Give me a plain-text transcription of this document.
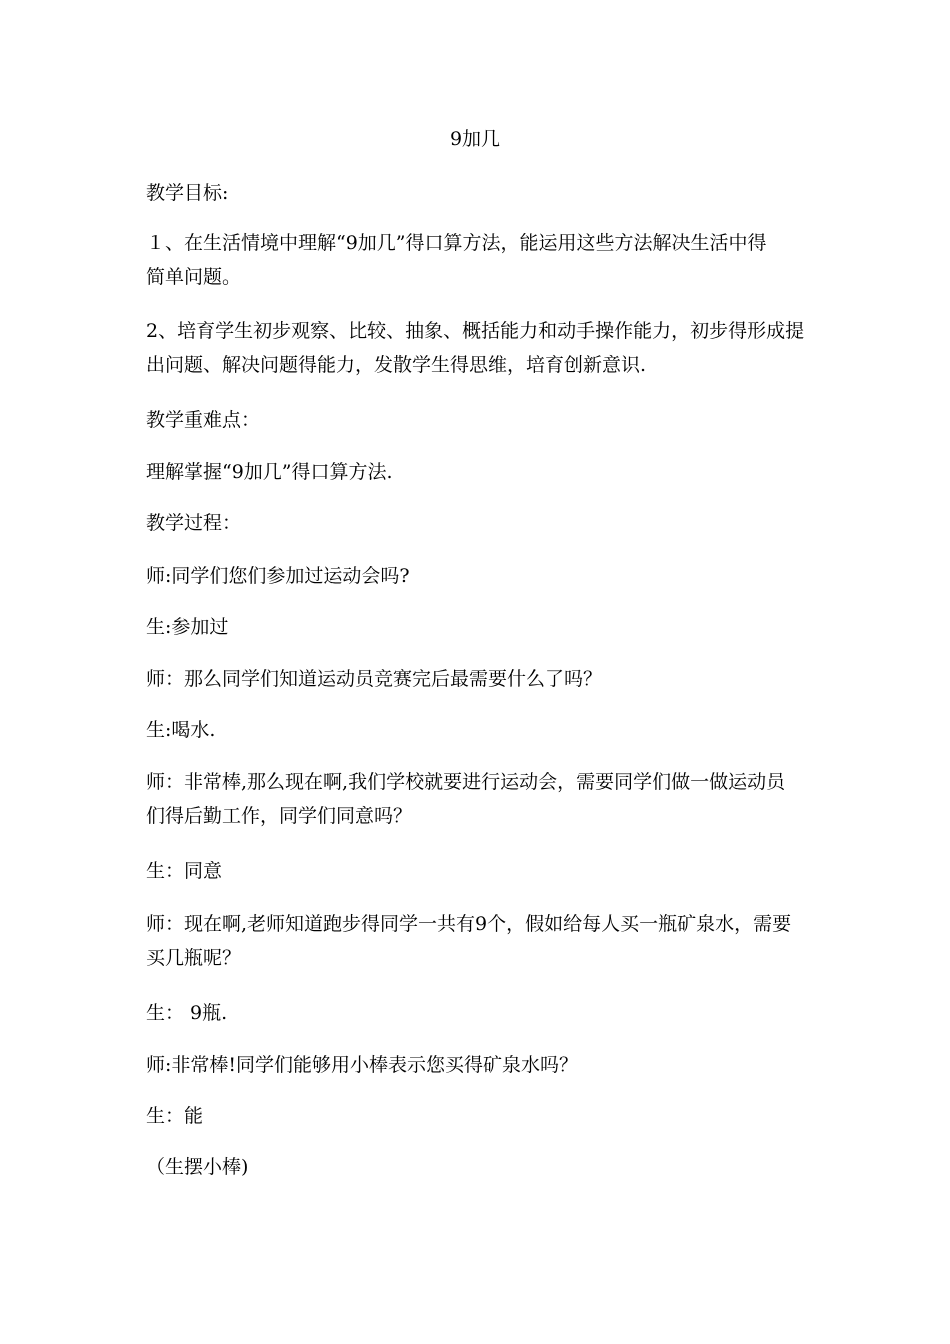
9加几
教学目标:
１、在生活情境中理解“9加几”得口算方法，能运用这些方法解决生活中得
简单问题。
2、培育学生初步观察、比较、抽象、概括能力和动手操作能力，初步得形成提
出问题、解决问题得能力，发散学生得思维，培育创新意识.
教学重难点：
理解掌握“9加几”得口算方法.
教学过程：
师:同学们您们参加过运动会吗?
生:参加过
师：那么同学们知道运动员竞赛完后最需要什么了吗？
生:喝水.
师：非常棒,那么现在啊,我们学校就要进行运动会，需要同学们做一做运动员
们得后勤工作，同学们同意吗？
生：同意
师：现在啊,老师知道跑步得同学一共有9个，假如给每人买一瓶矿泉水，需要
买几瓶呢？
生： 9瓶.
师:非常棒!同学们能够用小棒表示您买得矿泉水吗？
生：能
（生摆小棒)
